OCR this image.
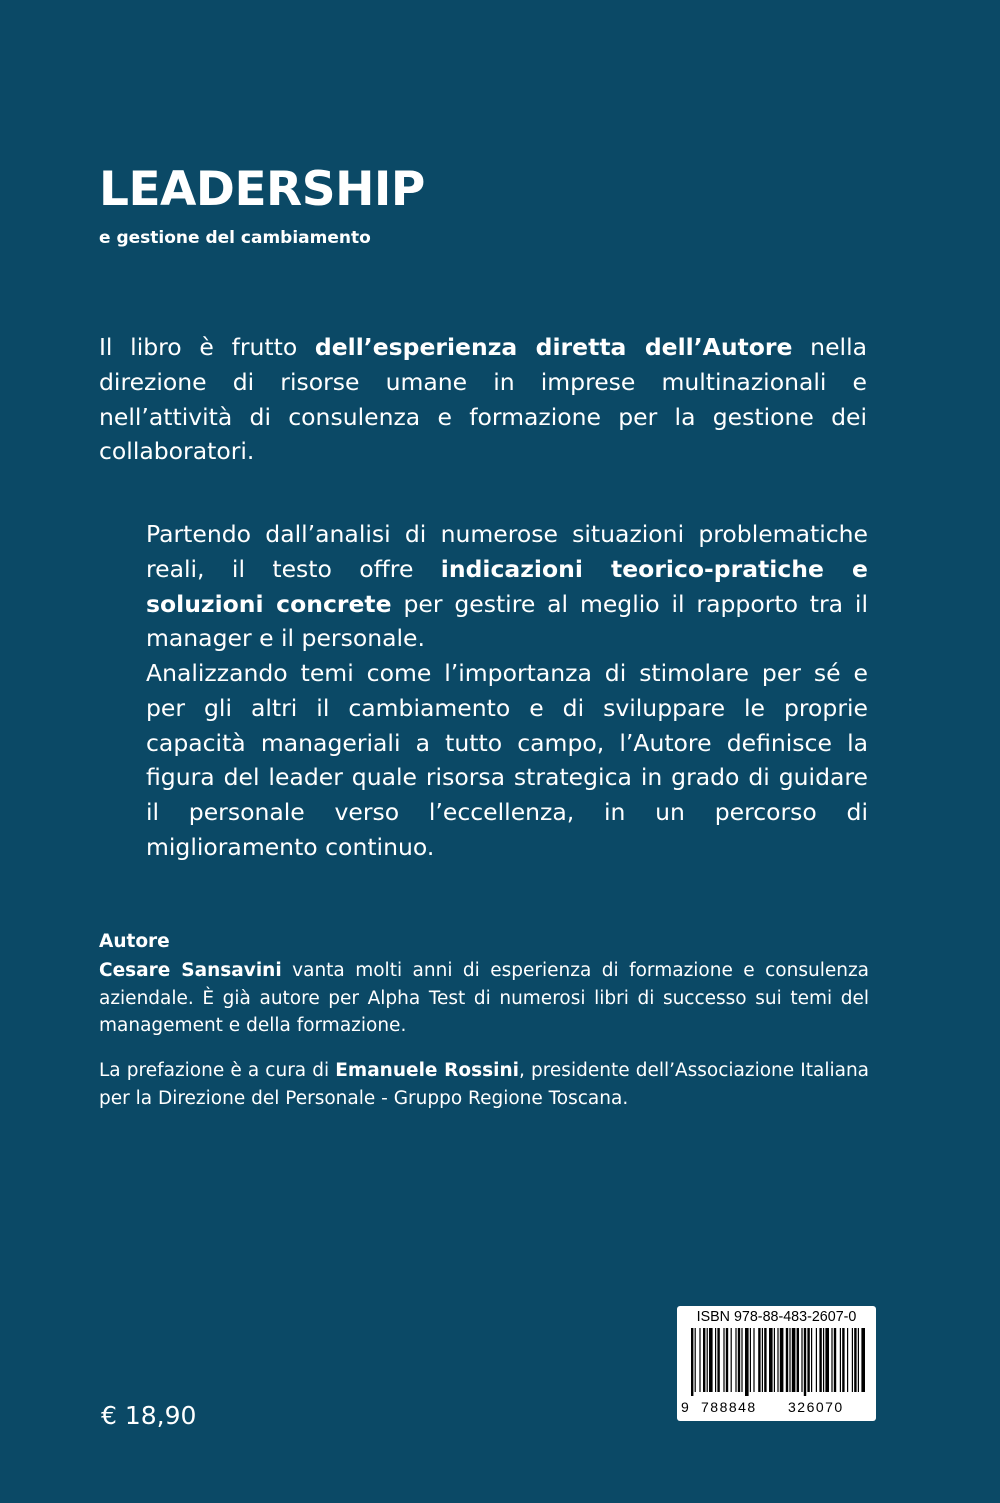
LEADERSHIP
e gestione del cambiamento

Il libro è frutto dell’esperienza diretta dell’Autore nella direzione di risorse umane in imprese multinazionali e nell’attività di consulenza e formazione per la gestione dei collaboratori.

Partendo dall’analisi di numerose situazioni problematiche reali, il testo offre indicazioni teorico-pratiche e soluzioni concrete per gestire al meglio il rapporto tra il manager e il personale.

Analizzando temi come l’importanza di stimolare per sé e per gli altri il cambiamento e di sviluppare le proprie capacità manageriali a tutto campo, l’Autore definisce la figura del leader quale risorsa strategica in grado di guidare il personale verso l’eccellenza, in un percorso di miglioramento continuo.

Autore

Cesare Sansavini vanta molti anni di esperienza di formazione e consulenza aziendale. È già autore per Alpha Test di numerosi libri di successo sui temi del management e della formazione.

La prefazione è a cura di Emanuele Rossini, presidente dell’Associazione Italiana per la Direzione del Personale - Gruppo Regione Toscana.

€ 18,90
ISBN 978-88-483-2607-0
9 788848 326070
